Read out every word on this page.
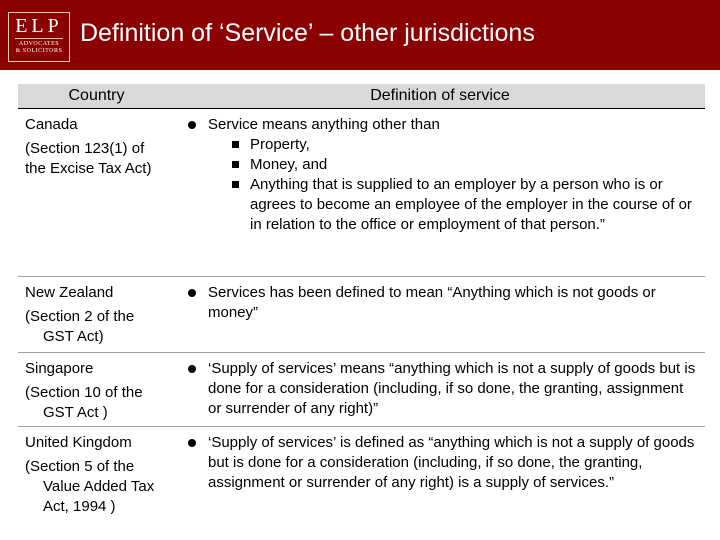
ELP
ADVOCATES
& SOLICITORS
Definition of ‘Service’ – other jurisdictions
Country	Definition of service
Canada
(Section 123(1) of
the Excise Tax Act)
Service means anything other than
Property,
Money, and
Anything that is supplied to an employer by a person who is or agrees to become an employee of the employer in the course of or in relation to the office or employment of that person.”
New Zealand
(Section 2 of the
GST Act)
Services has been defined to mean “Anything which is not goods or money”
Singapore
(Section 10 of the
GST Act )
‘Supply of services’ means “anything which is not a supply of goods but is done for a consideration (including, if so done, the granting, assignment or surrender of any right)”
United Kingdom
(Section 5 of the
Value Added Tax
Act, 1994 )
‘Supply of services’ is defined as “anything which is not a supply of goods but is done for a consideration (including, if so done, the granting, assignment or surrender of any right) is a supply of services.”
